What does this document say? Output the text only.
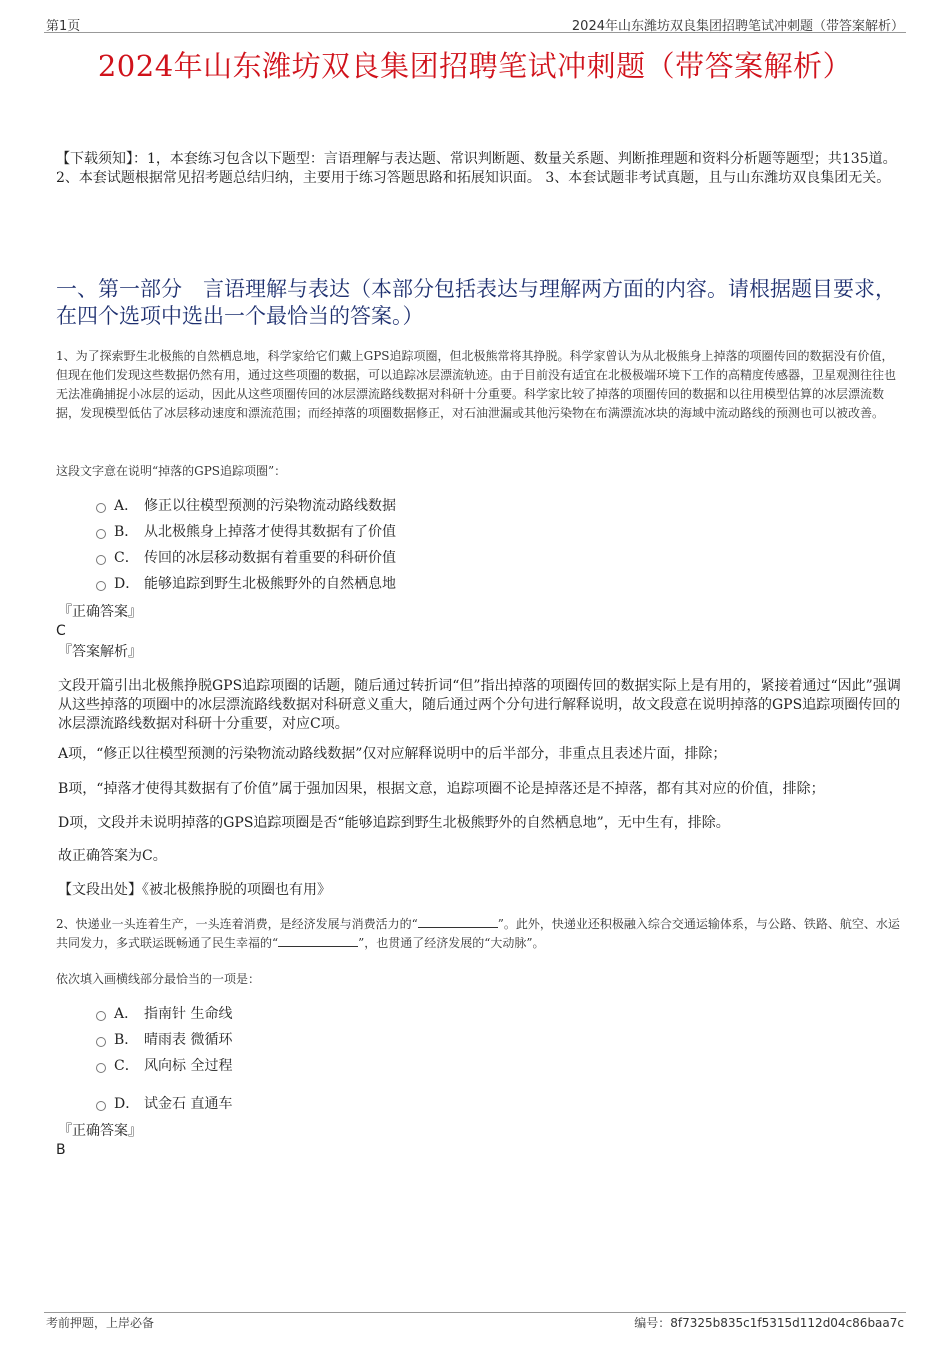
第1页	2024年山东潍坊双良集团招聘笔试冲刺题（带答案解析）
2024年山东潍坊双良集团招聘笔试冲刺题（带答案解析）
【下载须知】：1，本套练习包含以下题型：言语理解与表达题、常识判断题、数量关系题、判断推理题和资料分析题等题型；共135道。 2、本套试题根据常见招考题总结归纳，主要用于练习答题思路和拓展知识面。 3、本套试题非考试真题，且与山东潍坊双良集团无关。
一、第一部分　言语理解与表达（本部分包括表达与理解两方面的内容。请根据题目要求，在四个选项中选出一个最恰当的答案。）
1、为了探索野生北极熊的自然栖息地，科学家给它们戴上GPS追踪项圈，但北极熊常将其挣脱。科学家曾认为从北极熊身上掉落的项圈传回的数据没有价值，但现在他们发现这些数据仍然有用，通过这些项圈的数据，可以追踪冰层漂流轨迹。由于目前没有适宜在北极极端环境下工作的高精度传感器，卫星观测往往也无法准确捕捉小冰层的运动，因此从这些项圈传回的冰层漂流路线数据对科研十分重要。科学家比较了掉落的项圈传回的数据和以往用模型估算的冰层漂流数据，发现模型低估了冰层移动速度和漂流范围；而经掉落的项圈数据修正，对石油泄漏或其他污染物在布满漂流冰块的海域中流动路线的预测也可以被改善。
这段文字意在说明“掉落的GPS追踪项圈”：
A． 修正以往模型预测的污染物流动路线数据
B． 从北极熊身上掉落才使得其数据有了价值
C． 传回的冰层移动数据有着重要的科研价值
D． 能够追踪到野生北极熊野外的自然栖息地
『正确答案』
C
『答案解析』
文段开篇引出北极熊挣脱GPS追踪项圈的话题，随后通过转折词“但”指出掉落的项圈传回的数据实际上是有用的，紧接着通过“因此”强调从这些掉落的项圈中的冰层漂流路线数据对科研意义重大，随后通过两个分句进行解释说明，故文段意在说明掉落的GPS追踪项圈传回的冰层漂流路线数据对科研十分重要，对应C项。
A项，“修正以往模型预测的污染物流动路线数据”仅对应解释说明中的后半部分，非重点且表述片面，排除；
B项，“掉落才使得其数据有了价值”属于强加因果，根据文意，追踪项圈不论是掉落还是不掉落，都有其对应的价值，排除；
D项，文段并未说明掉落的GPS追踪项圈是否“能够追踪到野生北极熊野外的自然栖息地”，无中生有，排除。
故正确答案为C。
【文段出处】《被北极熊挣脱的项圈也有用》
2、快递业一头连着生产，一头连着消费，是经济发展与消费活力的“	”。此外，快递业还积极融入综合交通运输体系，与公路、铁路、航空、水运共同发力，多式联运既畅通了民生幸福的“	”，也贯通了经济发展的“大动脉”。
依次填入画横线部分最恰当的一项是：
A． 指南针 生命线
B． 晴雨表 微循环
C． 风向标 全过程
D． 试金石 直通车
『正确答案』
B
考前押题，上岸必备	编号：8f7325b835c1f5315d112d04c86baa7c
